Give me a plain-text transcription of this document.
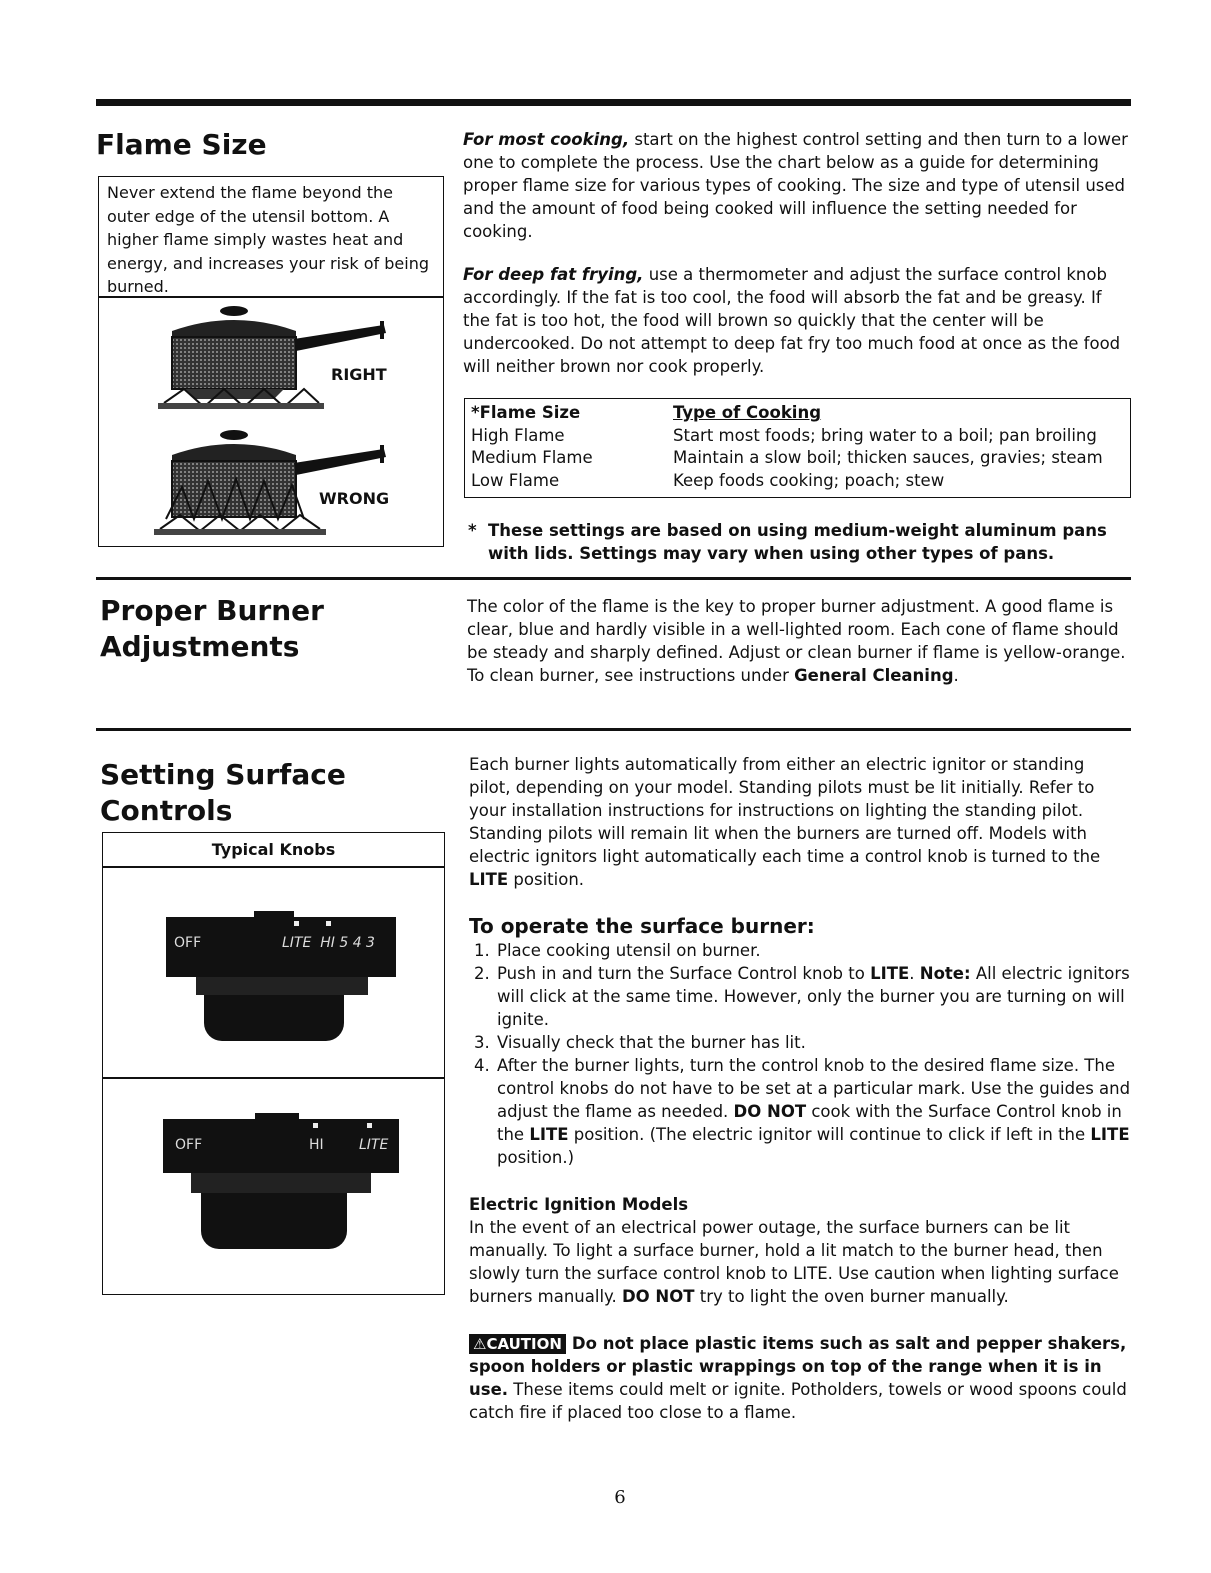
Flame Size
Never extend the flame beyond the outer edge of the utensil bottom. A higher flame simply wastes heat and energy, and increases your risk of being burned.
RIGHT
WRONG

For most cooking, start on the highest control setting and then turn to a lower one to complete the process. Use the chart below as a guide for determining proper flame size for various types of cooking. The size and type of utensil used and the amount of food being cooked will influence the setting needed for cooking.

For deep fat frying, use a thermometer and adjust the surface control knob accordingly. If the fat is too cool, the food will absorb the fat and be greasy. If the fat is too hot, the food will brown so quickly that the center will be undercooked. Do not attempt to deep fat fry too much food at once as the food will neither brown nor cook properly.

*Flame Size	Type of Cooking
High Flame	Start most foods; bring water to a boil; pan broiling
Medium Flame	Maintain a slow boil; thicken sauces, gravies; steam
Low Flame	Keep foods cooking; poach; stew
* These settings are based on using medium-weight aluminum pans with lids. Settings may vary when using other types of pans.
Proper Burner
Adjustments
The color of the flame is the key to proper burner adjustment. A good flame is clear, blue and hardly visible in a well-lighted room. Each cone of flame should be steady and sharply defined. Adjust or clean burner if flame is yellow-orange. To clean burner, see instructions under General Cleaning.
Setting Surface
Controls
Typical Knobs
OFF	LITE  HI 5 4 3
OFF	HI	LITE

Each burner lights automatically from either an electric ignitor or standing pilot, depending on your model. Standing pilots must be lit initially. Refer to your installation instructions for instructions on lighting the standing pilot. Standing pilots will remain lit when the burners are turned off. Models with electric ignitors light automatically each time a control knob is turned to the LITE position.

To operate the surface burner:
1. Place cooking utensil on burner.
2. Push in and turn the Surface Control knob to LITE. Note: All electric ignitors will click at the same time. However, only the burner you are turning on will ignite.
3. Visually check that the burner has lit.
4. After the burner lights, turn the control knob to the desired flame size. The control knobs do not have to be set at a particular mark. Use the guides and adjust the flame as needed. DO NOT cook with the Surface Control knob in the LITE position. (The electric ignitor will continue to click if left in the LITE position.)
Electric Ignition Models

In the event of an electrical power outage, the surface burners can be lit manually. To light a surface burner, hold a lit match to the burner head, then slowly turn the surface control knob to LITE. Use caution when lighting surface burners manually. DO NOT try to light the oven burner manually.

⚠CAUTION Do not place plastic items such as salt and pepper shakers, spoon holders or plastic wrappings on top of the range when it is in use. These items could melt or ignite. Potholders, towels or wood spoons could catch fire if placed too close to a flame.

6
